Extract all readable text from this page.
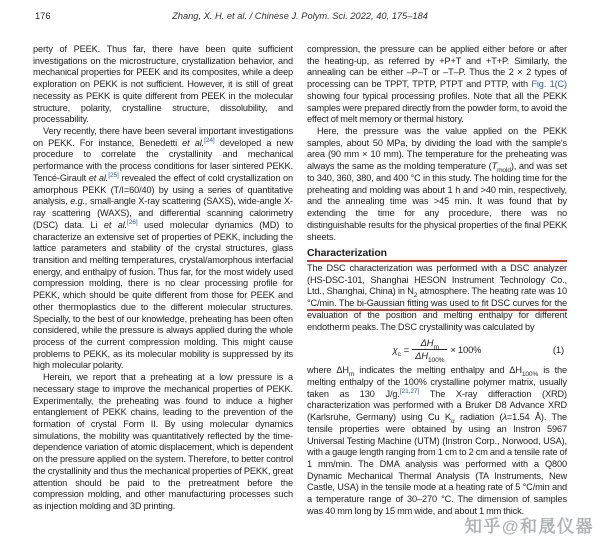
176	Zhang, X. H. et al. / Chinese J. Polym. Sci. 2022, 40, 175–184

perty of PEEK. Thus far, there have been quite sufficient investigations on the microstructure, crystallization behavior, and mechanical properties for PEEK and its composites, while a deep exploration on PEKK is not sufficient. However, it is still of great necessity as PEKK is quite different from PEEK in the molecular structure, polarity, crystalline structure, dissolubility, and processability.

Very recently, there have been several important investigations on PEKK. For instance, Benedetti et al.[24] developed a new procedure to correlate the crystallinity and mechanical performance with the process conditions for laser sintered PEKK. Tencé-Girault et al.[25] revealed the effect of cold crystallization on amorphous PEKK (T/I=60/40) by using a series of quantitative analysis, e.g., small-angle X-ray scattering (SAXS), wide-angle X-ray scattering (WAXS), and differential scanning calorimetry (DSC) data. Li et al.[26] used molecular dynamics (MD) to characterize an extensive set of properties of PEKK, including the lattice parameters and stability of the crystal structures, glass transition and melting temperatures, crystal/amorphous interfacial energy, and enthalpy of fusion. Thus far, for the most widely used compression molding, there is no clear processing profile for PEKK, which should be quite different from those for PEEK and other thermoplastics due to the different molecular structures. Specially, to the best of our knowledge, preheating has been often considered, while the pressure is always applied during the whole process of the current compression molding. This might cause problems to PEKK, as its molecular mobility is suppressed by its high molecular polarity.

Herein, we report that a preheating at a low pressure is a necessary stage to improve the mechanical properties of PEKK. Experimentally, the preheating was found to induce a higher entanglement of PEKK chains, leading to the prevention of the formation of crystal Form II. By using molecular dynamics simulations, the mobility was quantitatively reflected by the time-dependence variation of atomic displacement, which is dependent on the pressure applied on the system. Therefore, to better control the crystallinity and thus the mechanical properties of PEKK, great attention should be paid to the pretreatment before the compression molding, and other manufacturing processes such as injection molding and 3D printing.

compression, the pressure can be applied either before or after the heating-up, as referred by +P+T and +T+P. Similarly, the annealing can be either –P–T or –T–P. Thus the 2 × 2 types of processing can be TPPT, TPTP, PTPT and PTTP, with Fig. 1(C) showing four typical processing profiles. Note that all the PEKK samples were prepared directly from the powder form, to avoid the effect of melt memory or thermal history.

Here, the pressure was the value applied on the PEKK samples, about 50 MPa, by dividing the load with the sample's area (90 mm × 10 mm). The temperature for the preheating was always the same as the molding temperature $(T_{mold})$, and was set to 340, 360, 380, and 400 °C in this study. The holding time for the preheating and molding was about 1 h and >40 min, respectively, and the annealing time was >45 min. It was found that by extending the time for any procedure, there was no distinguishable results for the physical properties of the final PEKK sheets.

Characterization

The DSC characterization was performed with a DSC analyzer (HS-DSC-101, Shanghai HESON Instrument Technology Co., Ltd., Shanghai, China) in $N_2$ atmosphere. The heating rate was 10 °C/min. The bi-Gaussian fitting was used to fit DSC curves for the evaluation of the position and melting enthalpy for different endotherm peaks. The DSC crystallinity was calculated by

$\chi_c = \frac{\Delta H_m}{\Delta H_{100\%}} \times 100\%$	(1)

where $\Delta H_m$ indicates the melting enthalpy and $\Delta H_{100\%}$ is the melting enthalpy of the 100% crystalline polymer matrix, usually taken as 130 J/g.[21,27] The X-ray differaction (XRD) characterization was performed with a Bruker D8 Advance XRD (Karlsruhe, Germany) using Cu $K_\alpha$ radiation (λ=1.54 Å). The tensile properties were obtained by using an Instron 5967 Universal Testing Machine (UTM) (Instron Corp., Norwood, USA), with a gauge length ranging from 1 cm to 2 cm and a tensile rate of 1 mm/min. The DMA analysis was performed with a Q800 Dynamic Mechanical Thermal Analysis (TA Instruments, New Castle, USA) in the tensile mode at a heating rate of 5 °C/min and a temperature range of 30–270 °C. The dimension of samples was 40 mm long by 15 mm wide, and about 1 mm thick.

知乎@和晟仪器
